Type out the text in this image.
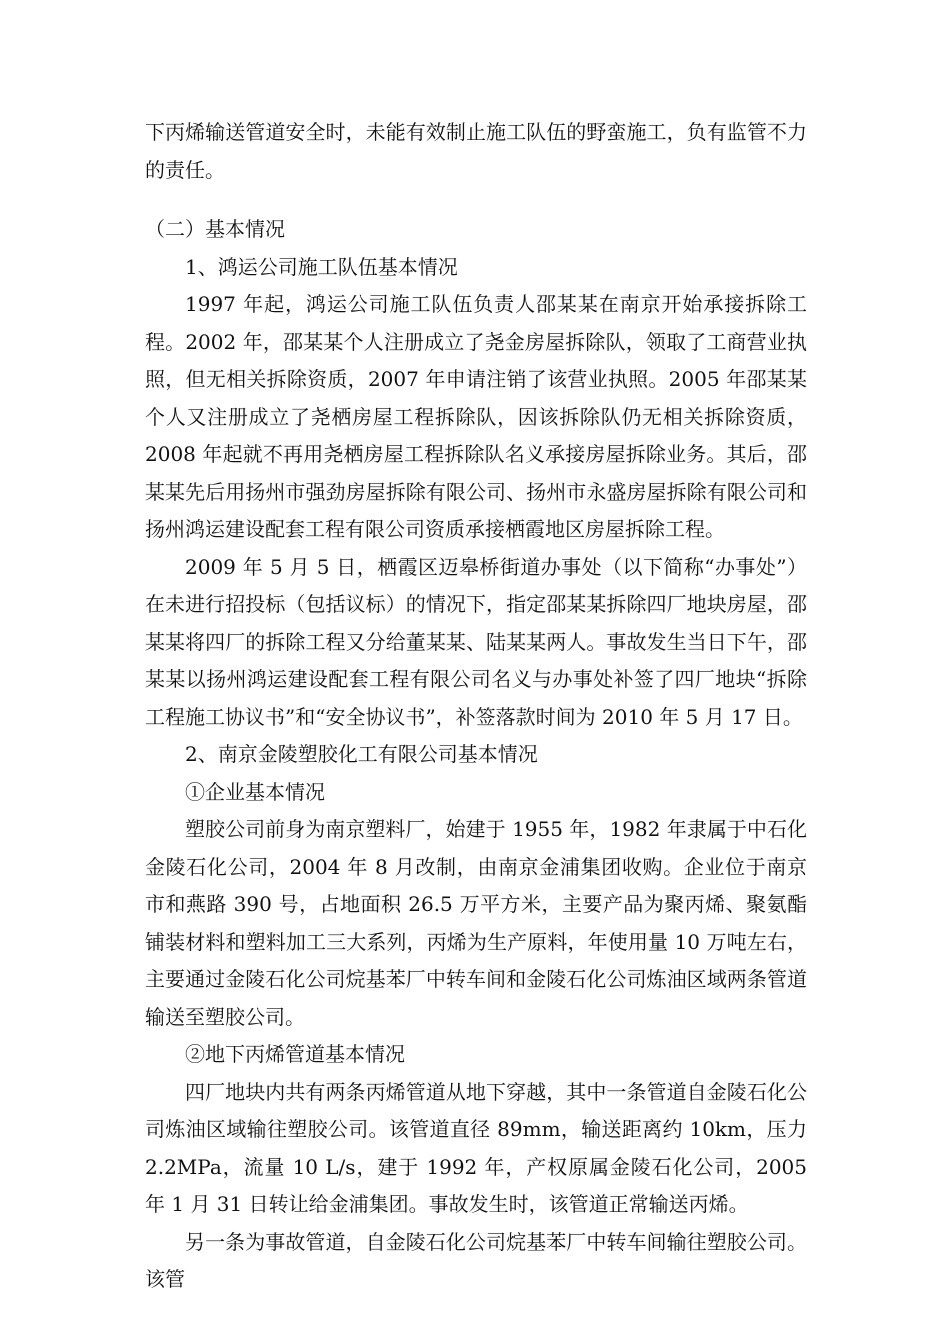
下丙烯输送管道安全时，未能有效制止施工队伍的野蛮施工，负有监管不力的责任。

（二）基本情况

1、鸿运公司施工队伍基本情况

1997 年起，鸿运公司施工队伍负责人邵某某在南京开始承接拆除工程。2002 年，邵某某个人注册成立了尧金房屋拆除队，领取了工商营业执照，但无相关拆除资质，2007 年申请注销了该营业执照。2005 年邵某某个人又注册成立了尧栖房屋工程拆除队，因该拆除队仍无相关拆除资质，2008 年起就不再用尧栖房屋工程拆除队名义承接房屋拆除业务。其后，邵某某先后用扬州市强劲房屋拆除有限公司、扬州市永盛房屋拆除有限公司和扬州鸿运建设配套工程有限公司资质承接栖霞地区房屋拆除工程。

2009 年 5 月 5 日，栖霞区迈皋桥街道办事处（以下简称“办事处”）在未进行招投标（包括议标）的情况下，指定邵某某拆除四厂地块房屋，邵某某将四厂的拆除工程又分给董某某、陆某某两人。事故发生当日下午，邵某某以扬州鸿运建设配套工程有限公司名义与办事处补签了四厂地块“拆除工程施工协议书”和“安全协议书”，补签落款时间为 2010 年 5 月 17 日。

2、南京金陵塑胶化工有限公司基本情况

①企业基本情况

塑胶公司前身为南京塑料厂，始建于 1955 年，1982 年隶属于中石化金陵石化公司，2004 年 8 月改制，由南京金浦集团收购。企业位于南京市和燕路 390 号，占地面积 26.5 万平方米，主要产品为聚丙烯、聚氨酯铺装材料和塑料加工三大系列，丙烯为生产原料，年使用量 10 万吨左右，主要通过金陵石化公司烷基苯厂中转车间和金陵石化公司炼油区域两条管道输送至塑胶公司。

②地下丙烯管道基本情况

四厂地块内共有两条丙烯管道从地下穿越，其中一条管道自金陵石化公司炼油区域输往塑胶公司。该管道直径 89mm，输送距离约 10km，压力 2.2MPa，流量 10 L/s，建于 1992 年，产权原属金陵石化公司，2005 年 1 月 31 日转让给金浦集团。事故发生时，该管道正常输送丙烯。

另一条为事故管道，自金陵石化公司烷基苯厂中转车间输往塑胶公司。该管
